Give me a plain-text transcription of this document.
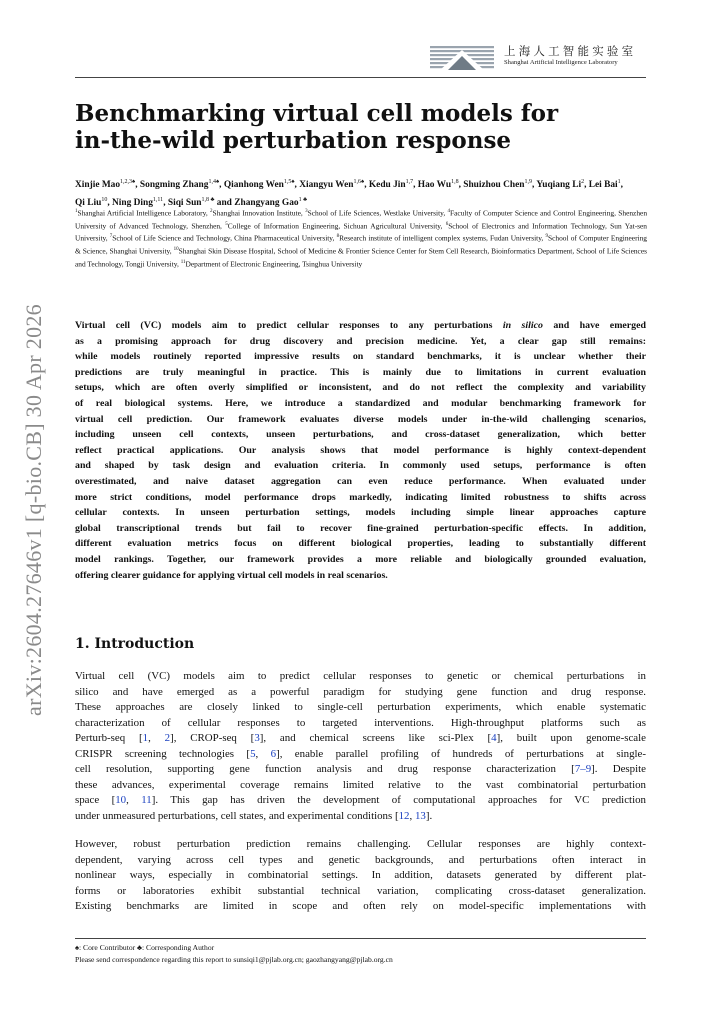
上海人工智能实验室
Shanghai Artificial Intelligence Laboratory
arXiv:2604.27646v1 [q-bio.CB] 30 Apr 2026
Benchmarking virtual cell models for
in-the-wild perturbation response

Xinjie Mao$^{1,2,3♠}$, Songming Zhang$^{1,4♠}$, Qianhong Wen$^{1,5♠}$, Xiangyu Wen$^{1,6♠}$, Kedu Jin$^{1,7}$, Hao Wu$^{1,8}$, Shuizhou Chen$^{1,9}$, Yuqiang Li$^2$, Lei Bai$^1$, Qi Liu$^{10}$, Ning Ding$^{1,11}$, Siqi Sun$^{1,8 ♣}$ and Zhangyang Gao$^{1 ♣}$

$^1$Shanghai Artificial Intelligence Laboratory, $^2$Shanghai Innovation Institute, $^3$School of Life Sciences, Westlake University, $^4$Faculty of Computer Science and Control Engineering, Shenzhen University of Advanced Technology, Shenzhen, $^5$College of Information Engineering, Sichuan Agricultural University, $^6$School of Electronics and Information Technology, Sun Yat-sen University, $^7$School of Life Science and Technology, China Pharmaceutical University, $^8$Research institute of intelligent complex systems, Fudan University, $^9$School of Computer Engineering & Science, Shanghai University, $^{10}$Shanghai Skin Disease Hospital, School of Medicine & Frontier Science Center for Stem Cell Research, Bioinformatics Department, School of Life Sciences and Technology, Tongji University, $^{11}$Department of Electronic Engineering, Tsinghua University

Virtual cell (VC) models aim to predict cellular responses to any perturbations in silico and have emerged
as a promising approach for drug discovery and precision medicine. Yet, a clear gap still remains:
while models routinely reported impressive results on standard benchmarks, it is unclear whether their
predictions are truly meaningful in practice. This is mainly due to limitations in current evaluation
setups, which are often overly simplified or inconsistent, and do not reflect the complexity and variability
of real biological systems. Here, we introduce a standardized and modular benchmarking framework for
virtual cell prediction. Our framework evaluates diverse models under in-the-wild challenging scenarios,
including unseen cell contexts, unseen perturbations, and cross-dataset generalization, which better
reflect practical applications. Our analysis shows that model performance is highly context-dependent
and shaped by task design and evaluation criteria. In commonly used setups, performance is often
overestimated, and naive dataset aggregation can even reduce performance. When evaluated under
more strict conditions, model performance drops markedly, indicating limited robustness to shifts across
cellular contexts. In unseen perturbation settings, models including simple linear approaches capture
global transcriptional trends but fail to recover fine-grained perturbation-specific effects. In addition,
different evaluation metrics focus on different biological properties, leading to substantially different
model rankings. Together, our framework provides a more reliable and biologically grounded evaluation,
offering clearer guidance for applying virtual cell models in real scenarios.

1. Introduction

Virtual cell (VC) models aim to predict cellular responses to genetic or chemical perturbations in
silico and have emerged as a powerful paradigm for studying gene function and drug response.
These approaches are closely linked to single-cell perturbation experiments, which enable systematic
characterization of cellular responses to targeted interventions. High-throughput platforms such as
Perturb-seq [1, 2], CROP-seq [3], and chemical screens like sci-Plex [4], built upon genome-scale
CRISPR screening technologies [5, 6], enable parallel profiling of hundreds of perturbations at single-
cell resolution, supporting gene function analysis and drug response characterization [7–9]. Despite
these advances, experimental coverage remains limited relative to the vast combinatorial perturbation
space [10, 11]. This gap has driven the development of computational approaches for VC prediction
under unmeasured perturbations, cell states, and experimental conditions [12, 13].

However, robust perturbation prediction remains challenging. Cellular responses are highly context-
dependent, varying across cell types and genetic backgrounds, and perturbations often interact in
nonlinear ways, especially in combinatorial settings. In addition, datasets generated by different plat-
forms or laboratories exhibit substantial technical variation, complicating cross-dataset generalization.
Existing benchmarks are limited in scope and often rely on model-specific implementations with

♠: Core Contributor ♣: Corresponding Author
Please send correspondence regarding this report to sunsiqi1@pjlab.org.cn; gaozhangyang@pjlab.org.cn
